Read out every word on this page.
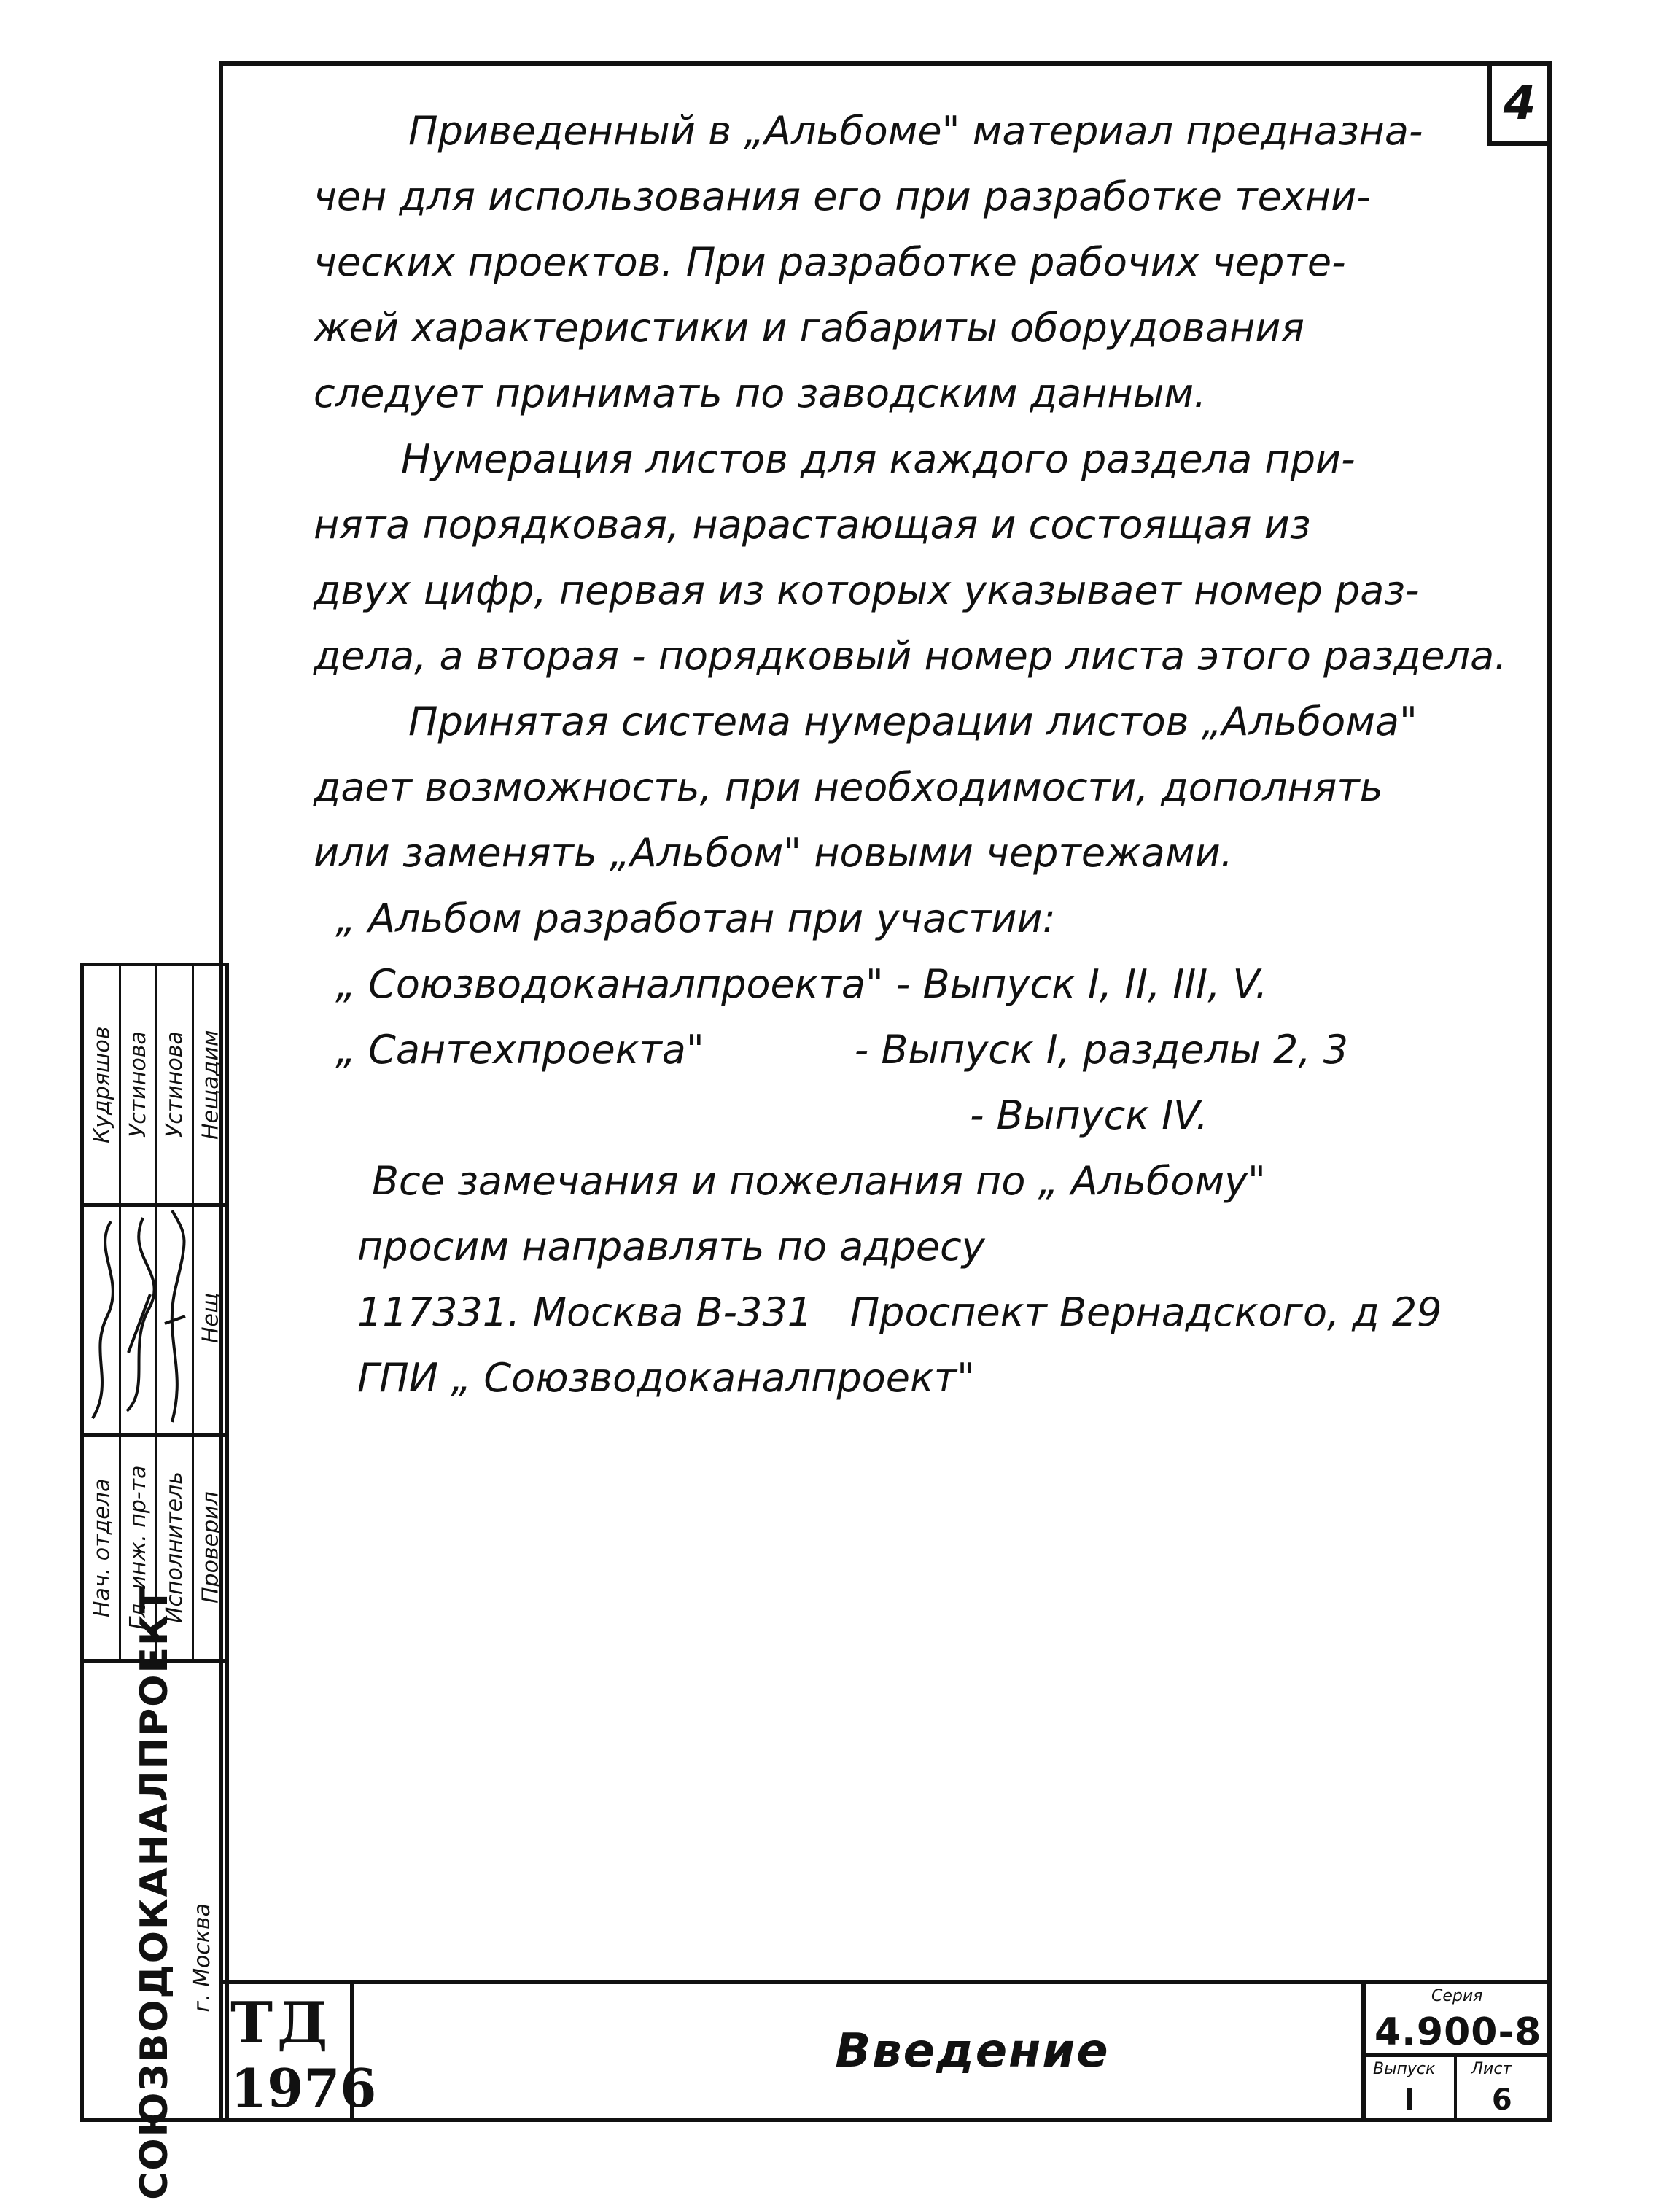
4
Приведенный в „Альбоме" материал предназна-
чен для использования его при разработке техни-
ческих проектов. При разработке рабочих черте-
жей характеристики и габариты оборудования
следует принимать по заводским данным.
Нумерация листов для каждого раздела при-
нята порядковая, нарастающая и состоящая из
двух цифр, первая из которых указывает номер раз-
дела, а вторая - порядковый номер листа этого раздела.
Принятая система нумерации листов „Альбома"
дает возможность, при необходимости, дополнять
или заменять „Альбом" новыми чертежами.
„ Альбом разработан при участии:
„ Союзводоканалпроекта" - Выпуск I, II, III, V.
„ Сантехпроекта"            - Выпуск I, разделы 2, 3
- Выпуск IV.
Все замечания и пожелания по „ Альбому"
просим направлять по адресу
117331. Москва В-331   Проспект Вернадского, д 29
ГПИ „ Союзводоканалпроект"
Кудряшов Устинова Устинова Нещадим
Нещ
Нач. отдела Гл. инж. пр-та Исполнитель Проверил
СОЮЗВОДОКАНАЛПРОЕКТ г. Москва
ТД
1976
Введение
Серия
4.900-8
Выпуск
I
Лист
6
